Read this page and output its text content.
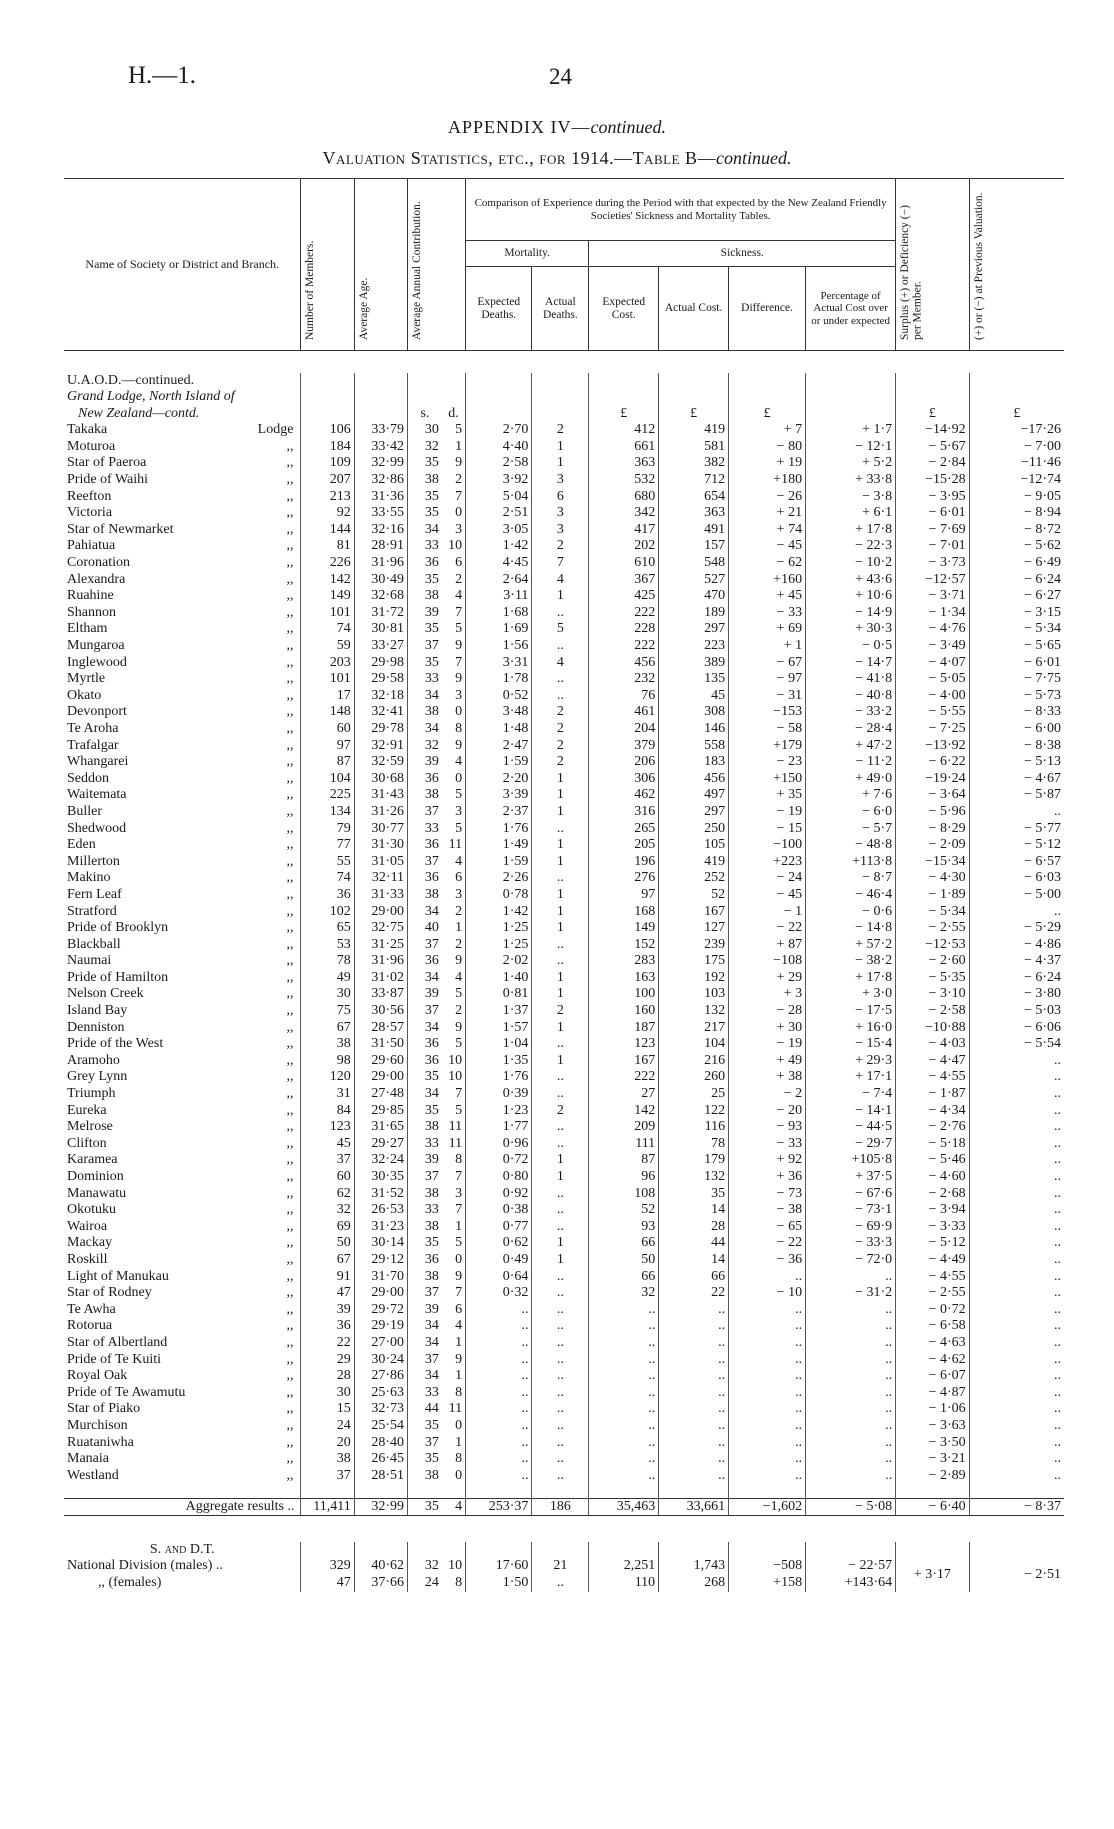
H.—1.	24
APPENDIX IV—continued.
Valuation Statistics, etc., for 1914.—Table B—continued.
Name of Society or District and Branch.	Number of Members.	Average Age.	Average Annual Contribution.		Comparison of Experience during the Period with that expected by the New Zealand Friendly Societies' Sickness and Mortality Tables.						Surplus (+) or Deficiency (−) per Member.	(+) or (−) at Previous Valuation.

					Mortality.		Sickness.					
					Expected Deaths.	Actual Deaths.	Expected Cost.	Actual Cost.	Difference.	Percentage of Actual Cost over or under expected		

U.A.O.D.—continued.												
Grand Lodge, North Island of												
New Zealand—contd.			s.	d.			£	£	£		£	£
Takaka Lodge	106	33·79	30	5	2·70	2	412	419	+ 7	+ 1·7	−14·92	−17·26
Moturoa ,,	184	33·42	32	1	4·40	1	661	581	− 80	− 12·1	− 5·67	− 7·00
Star of Paeroa ,,	109	32·99	35	9	2·58	1	363	382	+ 19	+ 5·2	− 2·84	−11·46
Pride of Waihi ,,	207	32·86	38	2	3·92	3	532	712	+180	+ 33·8	−15·28	−12·74
Reefton ,,	213	31·36	35	7	5·04	6	680	654	− 26	− 3·8	− 3·95	− 9·05
Victoria ,,	92	33·55	35	0	2·51	3	342	363	+ 21	+ 6·1	− 6·01	− 8·94
Star of Newmarket ,,	144	32·16	34	3	3·05	3	417	491	+ 74	+ 17·8	− 7·69	− 8·72
Pahiatua ,,	81	28·91	33	10	1·42	2	202	157	− 45	− 22·3	− 7·01	− 5·62
Coronation ,,	226	31·96	36	6	4·45	7	610	548	− 62	− 10·2	− 3·73	− 6·49
Alexandra ,,	142	30·49	35	2	2·64	4	367	527	+160	+ 43·6	−12·57	− 6·24
Ruahine ,,	149	32·68	38	4	3·11	1	425	470	+ 45	+ 10·6	− 3·71	− 6·27
Shannon ,,	101	31·72	39	7	1·68	..	222	189	− 33	− 14·9	− 1·34	− 3·15
Eltham ,,	74	30·81	35	5	1·69	5	228	297	+ 69	+ 30·3	− 4·76	− 5·34
Mungaroa ,,	59	33·27	37	9	1·56	..	222	223	+ 1	− 0·5	− 3·49	− 5·65
Inglewood ,,	203	29·98	35	7	3·31	4	456	389	− 67	− 14·7	− 4·07	− 6·01
Myrtle ,,	101	29·58	33	9	1·78	..	232	135	− 97	− 41·8	− 5·05	− 7·75
Okato ,,	17	32·18	34	3	0·52	..	76	45	− 31	− 40·8	− 4·00	− 5·73
Devonport ,,	148	32·41	38	0	3·48	2	461	308	−153	− 33·2	− 5·55	− 8·33
Te Aroha ,,	60	29·78	34	8	1·48	2	204	146	− 58	− 28·4	− 7·25	− 6·00
Trafalgar ,,	97	32·91	32	9	2·47	2	379	558	+179	+ 47·2	−13·92	− 8·38
Whangarei ,,	87	32·59	39	4	1·59	2	206	183	− 23	− 11·2	− 6·22	− 5·13
Seddon ,,	104	30·68	36	0	2·20	1	306	456	+150	+ 49·0	−19·24	− 4·67
Waitemata ,,	225	31·43	38	5	3·39	1	462	497	+ 35	+ 7·6	− 3·64	− 5·87
Buller ,,	134	31·26	37	3	2·37	1	316	297	− 19	− 6·0	− 5·96	..
Shedwood ,,	79	30·77	33	5	1·76	..	265	250	− 15	− 5·7	− 8·29	− 5·77
Eden ,,	77	31·30	36	11	1·49	1	205	105	−100	− 48·8	− 2·09	− 5·12
Millerton ,,	55	31·05	37	4	1·59	1	196	419	+223	+113·8	−15·34	− 6·57
Makino ,,	74	32·11	36	6	2·26	..	276	252	− 24	− 8·7	− 4·30	− 6·03
Fern Leaf ,,	36	31·33	38	3	0·78	1	97	52	− 45	− 46·4	− 1·89	− 5·00
Stratford ,,	102	29·00	34	2	1·42	1	168	167	− 1	− 0·6	− 5·34	..
Pride of Brooklyn ,,	65	32·75	40	1	1·25	1	149	127	− 22	− 14·8	− 2·55	− 5·29
Blackball ,,	53	31·25	37	2	1·25	..	152	239	+ 87	+ 57·2	−12·53	− 4·86
Naumai ,,	78	31·96	36	9	2·02	..	283	175	−108	− 38·2	− 2·60	− 4·37
Pride of Hamilton ,,	49	31·02	34	4	1·40	1	163	192	+ 29	+ 17·8	− 5·35	− 6·24
Nelson Creek ,,	30	33·87	39	5	0·81	1	100	103	+ 3	+ 3·0	− 3·10	− 3·80
Island Bay ,,	75	30·56	37	2	1·37	2	160	132	− 28	− 17·5	− 2·58	− 5·03
Denniston ,,	67	28·57	34	9	1·57	1	187	217	+ 30	+ 16·0	−10·88	− 6·06
Pride of the West ,,	38	31·50	36	5	1·04	..	123	104	− 19	− 15·4	− 4·03	− 5·54
Aramoho ,,	98	29·60	36	10	1·35	1	167	216	+ 49	+ 29·3	− 4·47	..
Grey Lynn ,,	120	29·00	35	10	1·76	..	222	260	+ 38	+ 17·1	− 4·55	..
Triumph ,,	31	27·48	34	7	0·39	..	27	25	− 2	− 7·4	− 1·87	..
Eureka ,,	84	29·85	35	5	1·23	2	142	122	− 20	− 14·1	− 4·34	..
Melrose ,,	123	31·65	38	11	1·77	..	209	116	− 93	− 44·5	− 2·76	..
Clifton ,,	45	29·27	33	11	0·96	..	111	78	− 33	− 29·7	− 5·18	..
Karamea ,,	37	32·24	39	8	0·72	1	87	179	+ 92	+105·8	− 5·46	..
Dominion ,,	60	30·35	37	7	0·80	1	96	132	+ 36	+ 37·5	− 4·60	..
Manawatu ,,	62	31·52	38	3	0·92	..	108	35	− 73	− 67·6	− 2·68	..
Okotuku ,,	32	26·53	33	7	0·38	..	52	14	− 38	− 73·1	− 3·94	..
Wairoa ,,	69	31·23	38	1	0·77	..	93	28	− 65	− 69·9	− 3·33	..
Mackay ,,	50	30·14	35	5	0·62	1	66	44	− 22	− 33·3	− 5·12	..
Roskill ,,	67	29·12	36	0	0·49	1	50	14	− 36	− 72·0	− 4·49	..
Light of Manukau ,,	91	31·70	38	9	0·64	..	66	66	..	..	− 4·55	..
Star of Rodney ,,	47	29·00	37	7	0·32	..	32	22	− 10	− 31·2	− 2·55	..
Te Awha ,,	39	29·72	39	6	..	..	..	..	..	..	− 0·72	..
Rotorua ,,	36	29·19	34	4	..	..	..	..	..	..	− 6·58	..
Star of Albertland ,,	22	27·00	34	1	..	..	..	..	..	..	− 4·63	..
Pride of Te Kuiti ,,	29	30·24	37	9	..	..	..	..	..	..	− 4·62	..
Royal Oak ,,	28	27·86	34	1	..	..	..	..	..	..	− 6·07	..
Pride of Te Awamutu ,,	30	25·63	33	8	..	..	..	..	..	..	− 4·87	..
Star of Piako ,,	15	32·73	44	11	..	..	..	..	..	..	− 1·06	..
Murchison ,,	24	25·54	35	0	..	..	..	..	..	..	− 3·63	..
Ruataniwha ,,	20	28·40	37	1	..	..	..	..	..	..	− 3·50	..
Manaia ,,	38	26·45	35	8	..	..	..	..	..	..	− 3·21	..
Westland ,,	37	28·51	38	0	..	..	..	..	..	..	− 2·89	..

Aggregate results ..	11,411	32·99	35	4	253·37	186	35,463	33,661	−1,602	− 5·08	− 6·40	− 8·37

S. and D.T.												
National Division (males) ..	329	40·62	32	10	17·60	21	2,251	1,743	−508	− 22·57	+ 3·17	− 2·51
,, (females)	47	37·66	24	8	1·50	..	110	268	+158	+143·64		
